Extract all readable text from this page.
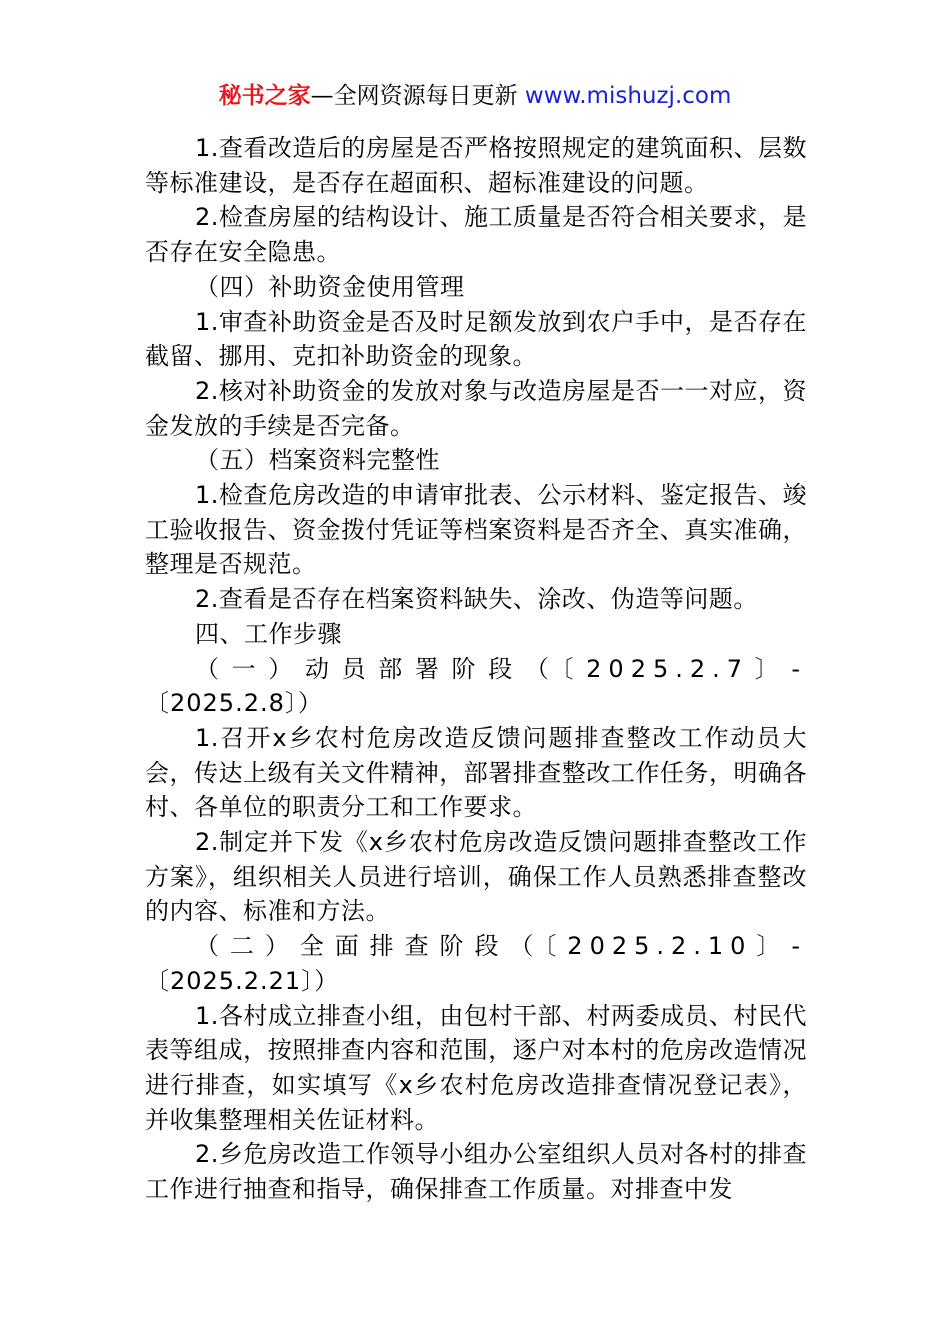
秘书之家—全网资源每日更新 www.mishuzj.com

1.查看改造后的房屋是否严格按照规定的建筑面积、层数等标准建设，是否存在超面积、超标准建设的问题。

2.检查房屋的结构设计、施工质量是否符合相关要求，是否存在安全隐患。

（四）补助资金使用管理

1.审查补助资金是否及时足额发放到农户手中，是否存在截留、挪用、克扣补助资金的现象。

2.核对补助资金的发放对象与改造房屋是否一一对应，资金发放的手续是否完备。

（五）档案资料完整性

1.检查危房改造的申请审批表、公示材料、鉴定报告、竣工验收报告、资金拨付凭证等档案资料是否齐全、真实准确，整理是否规范。

2.查看是否存在档案资料缺失、涂改、伪造等问题。

四、工作步骤

（一）动员部署阶段（〔2025.2.7〕-

〔2025.2.8〕）

1.召开x乡农村危房改造反馈问题排查整改工作动员大会，传达上级有关文件精神，部署排查整改工作任务，明确各村、各单位的职责分工和工作要求。

2.制定并下发《x乡农村危房改造反馈问题排查整改工作方案》，组织相关人员进行培训，确保工作人员熟悉排查整改的内容、标准和方法。

（二）全面排查阶段（〔2025.2.10〕-

〔2025.2.21〕）

1.各村成立排查小组，由包村干部、村两委成员、村民代表等组成，按照排查内容和范围，逐户对本村的危房改造情况进行排查，如实填写《x乡农村危房改造排查情况登记表》，并收集整理相关佐证材料。

2.乡危房改造工作领导小组办公室组织人员对各村的排查工作进行抽查和指导，确保排查工作质量。对排查中发
